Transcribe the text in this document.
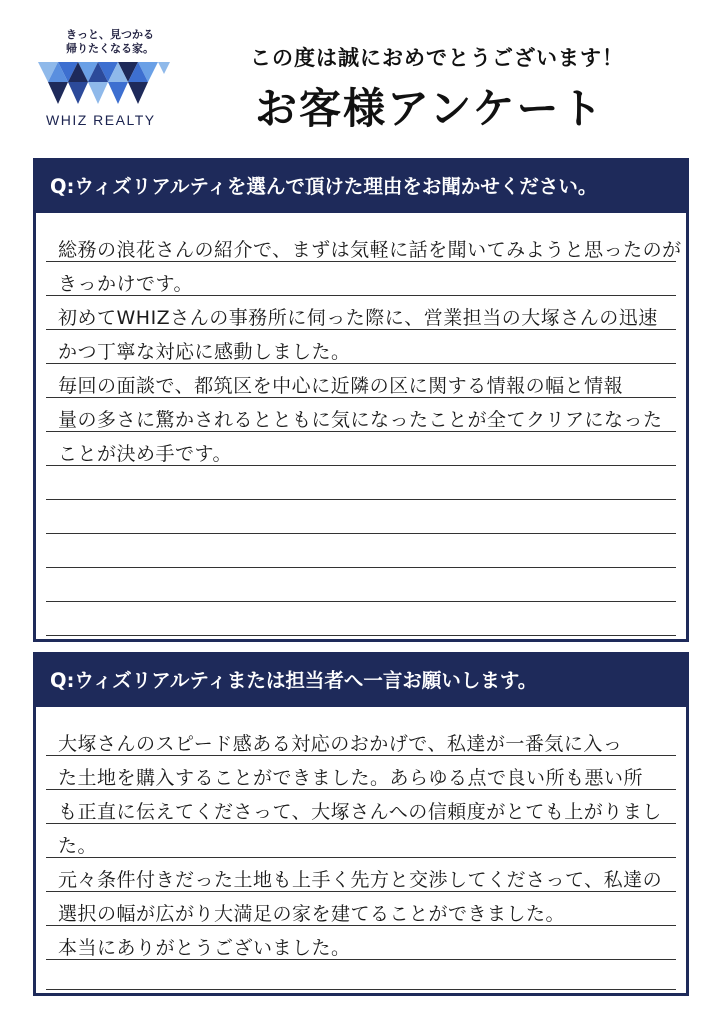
きっと、見つかる
帰りたくなる家。
WHIZ REALTY
この度は誠におめでとうございます！
お客様アンケート
Q:ウィズリアルティを選んで頂けた理由をお聞かせください。
総務の浪花さんの紹介で、まずは気軽に話を聞いてみようと思ったのが
きっかけです。
初めてWHIZさんの事務所に伺った際に、営業担当の大塚さんの迅速
かつ丁寧な対応に感動しました。
毎回の面談で、都筑区を中心に近隣の区に関する情報の幅と情報
量の多さに驚かされるとともに気になったことが全てクリアになった
ことが決め手です。
Q:ウィズリアルティまたは担当者へ一言お願いします。
大塚さんのスピード感ある対応のおかげで、私達が一番気に入っ
た土地を購入することができました。あらゆる点で良い所も悪い所
も正直に伝えてくださって、大塚さんへの信頼度がとても上がりまし
た。
元々条件付きだった土地も上手く先方と交渉してくださって、私達の
選択の幅が広がり大満足の家を建てることができました。
本当にありがとうございました。
